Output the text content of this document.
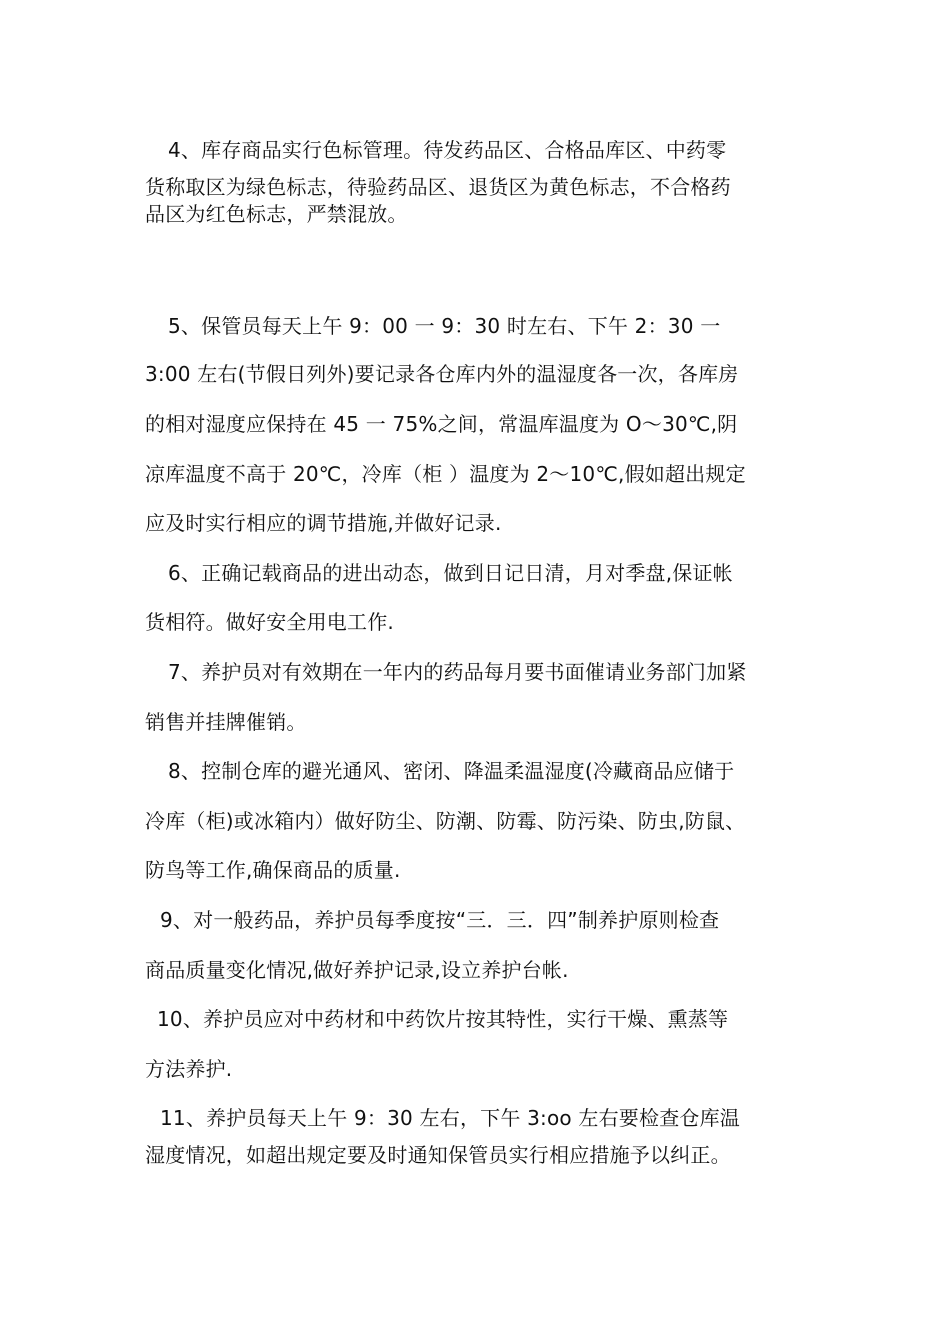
4、库存商品实行色标管理。待发药品区、合格品库区、中药零
货称取区为绿色标志，待验药品区、退货区为黄色标志，不合格药
品区为红色标志，严禁混放。
5、保管员每天上午 9：00 一 9：30 时左右、下午 2：30 一
3:00 左右(节假日列外)要记录各仓库内外的温湿度各一次，各库房
的相对湿度应保持在 45 一 75%之间，常温库温度为 O～30℃,阴
凉库温度不高于 20℃，冷库（柜 ）温度为 2～10℃,假如超出规定
应及时实行相应的调节措施,并做好记录.
6、正确记载商品的进出动态，做到日记日清，月对季盘,保证帐
货相符。做好安全用电工作.
7、养护员对有效期在一年内的药品每月要书面催请业务部门加紧
销售并挂牌催销。
8、控制仓库的避光通风、密闭、降温柔温湿度(冷藏商品应储于
冷库（柜)或冰箱内）做好防尘、防潮、防霉、防污染、防虫,防鼠、
防鸟等工作,确保商品的质量.
9、对一般药品，养护员每季度按“三．三．四”制养护原则检查
商品质量变化情况,做好养护记录,设立养护台帐.
10、养护员应对中药材和中药饮片按其特性，实行干燥、熏蒸等
方法养护.
11、养护员每天上午 9：30 左右，下午 3:oo 左右要检查仓库温
湿度情况，如超出规定要及时通知保管员实行相应措施予以纠正。
